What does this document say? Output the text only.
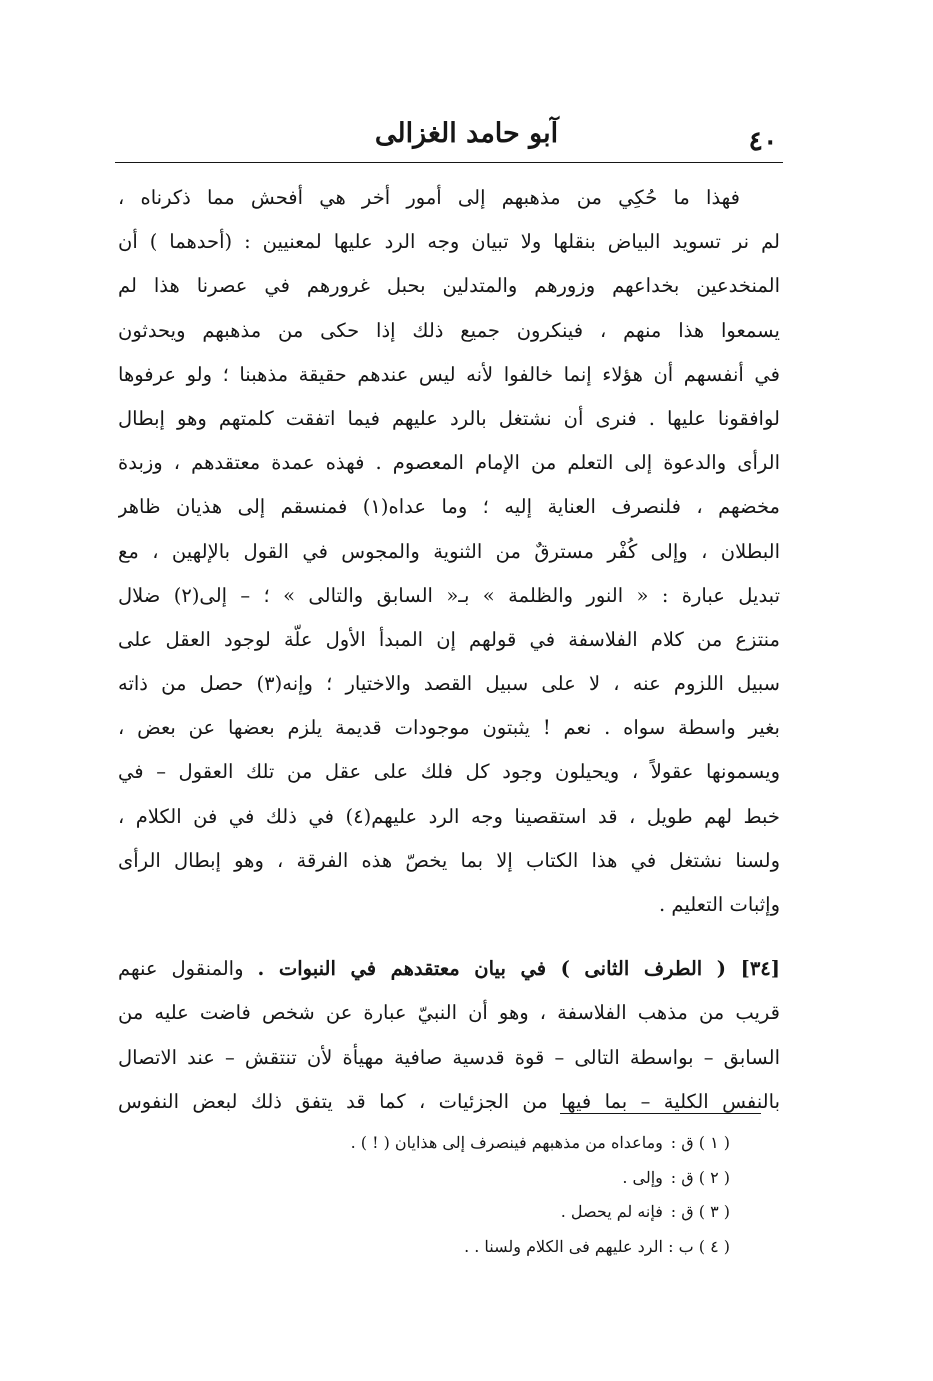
آبو حامد الغزالی	٤٠
فهذا ما حُكِي من مذهبهم إلى أمور أخر هي أفحش مما ذكرناه ،
لم نر تسويد البياض بنقلها ولا تبيان وجه الرد عليها لمعنيين : (أحدهما ) أن
المنخدعين بخداعهم وزورهم والمتدلين بحبل غرورهم في عصرنا هذا لم
يسمعوا هذا منهم ، فينكرون جميع ذلك إذا حكى من مذهبهم ويحدثون
في أنفسهم أن هؤلاء إنما خالفوا لأنه ليس عندهم حقيقة مذهبنا ؛ ولو عرفوها
لوافقونا عليها . فنرى أن نشتغل بالرد عليهم فيما اتفقت كلمتهم وهو إبطال
الرأى والدعوة إلى التعلم من الإمام المعصوم . فهذه عمدة معتقدهم ، وزبدة
مخضهم ، فلنصرف العناية إليه ؛ وما عداه(١) فمنسقم إلى هذيان ظاهر
البطلان ، وإلى كُفْر مسترقٌ من الثنوية والمجوس في القول بالإلهين ، مع
تبديل عبارة : « النور والظلمة » بـ« السابق والتالى » ؛ – إلى(٢) ضلال
منتزع من كلام الفلاسفة في قولهم إن المبدأ الأول علّة لوجود العقل على
سبيل اللزوم عنه ، لا على سبيل القصد والاختيار ؛ وإنه(٣) حصل من ذاته
بغير واسطة سواه . نعم ! يثبتون موجودات قديمة يلزم بعضها عن بعض ،
ويسمونها عقولاً ، ويحيلون وجود كل فلك على عقل من تلك العقول – في
خبط لهم طويل ، قد استقصينا وجه الرد عليهم(٤) في ذلك في فن الكلام ،
ولسنا نشتغل في هذا الكتاب إلا بما يخصّ هذه الفرقة ، وهو إبطال الرأى
وإثبات التعليم .
[٣٤] ( الطرف الثانى ) في بيان معتقدهم في النبوات . والمنقول عنهم
قريب من مذهب الفلاسفة ، وهو أن النبيّ عبارة عن شخص فاضت عليه من
السابق – بواسطة التالى – قوة قدسية صافية مهيأة لأن تنتقش – عند الاتصال
بالنفس الكلية – بما فيها من الجزئيات ، كما قد يتفق ذلك لبعض النفوس
( ١ ) ق : وماعداه من مذهبهم فينصرف إلى هذايان ( ! ) .
( ٢ ) ق : وإلى .
( ٣ ) ق : فإنه لم يحصل .
( ٤ ) ب : الرد عليهم فى الكلام ولسنا . .
